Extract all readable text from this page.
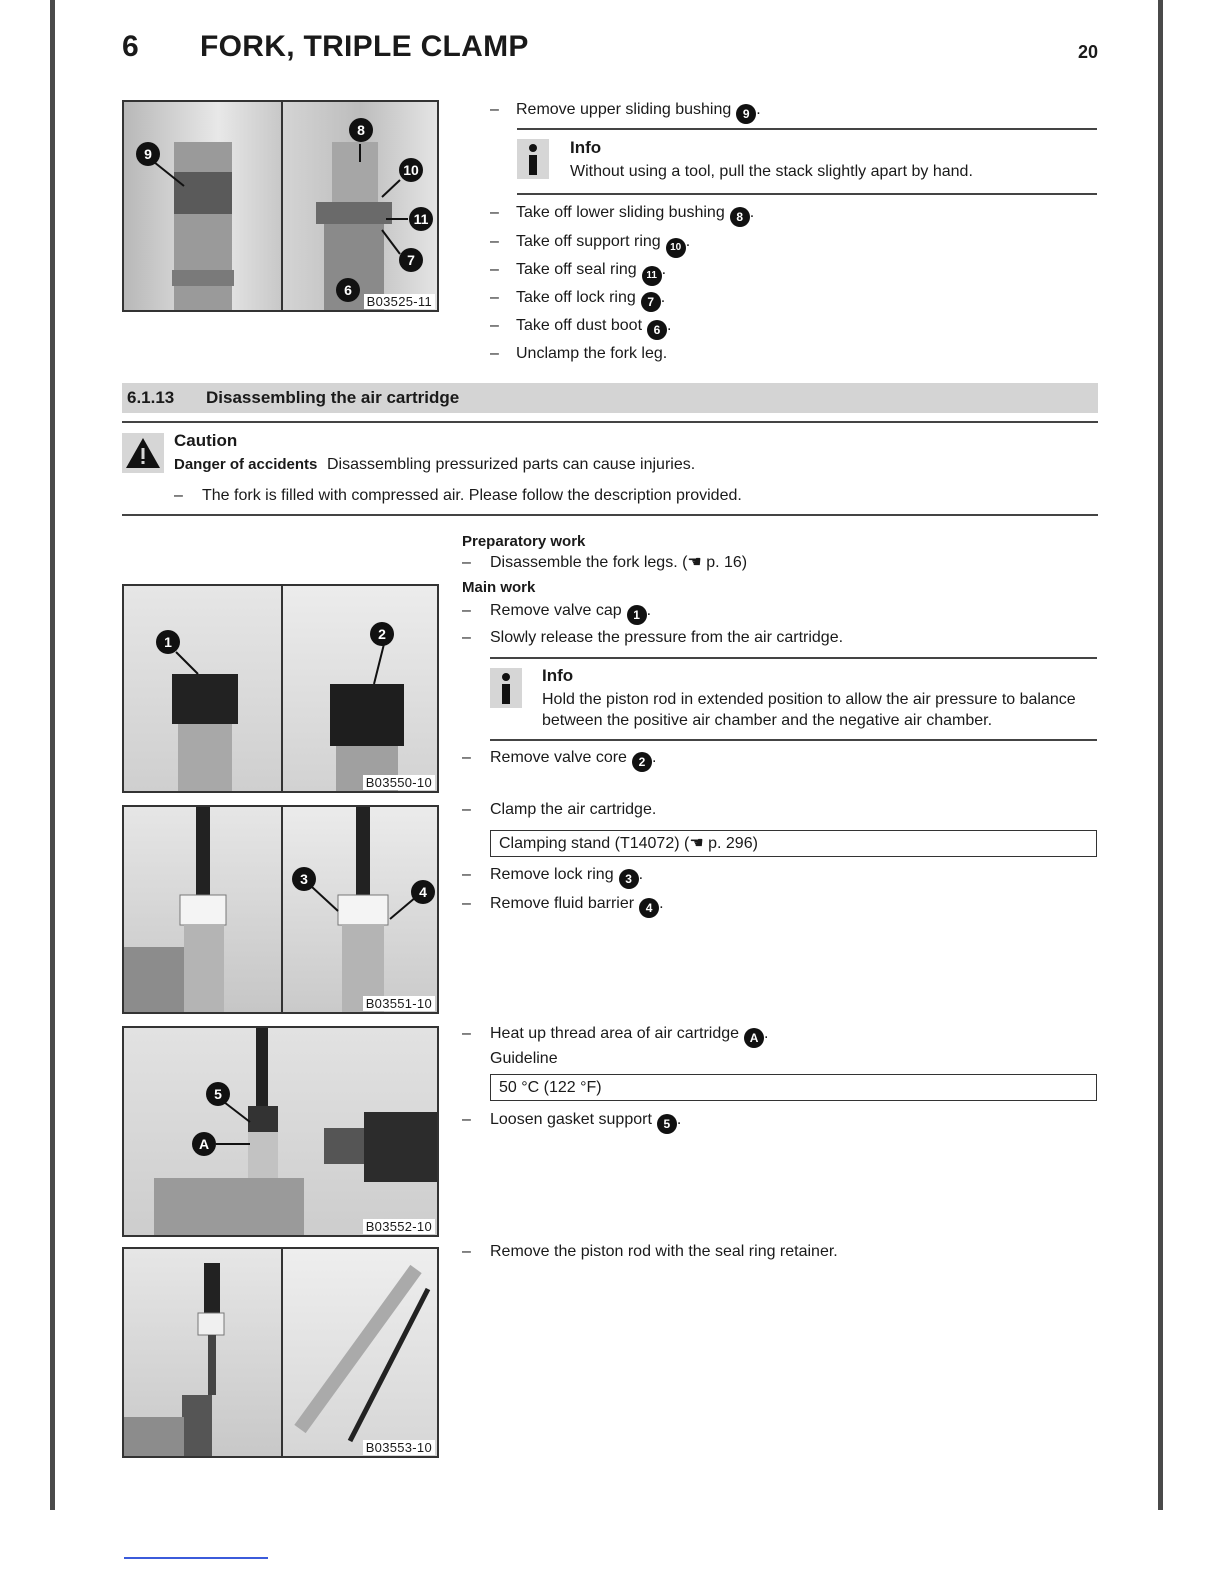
6 FORK, TRIPLE CLAMP	20
9
8
10
11
7
6
B03525-11
– Remove upper sliding bushing 9 .
Info
Without using a tool, pull the stack slightly apart by hand.
– Take off lower sliding bushing 8 .
– Take off support ring 10 .
– Take off seal ring 11 .
– Take off lock ring 7 .
– Take off dust boot 6 .
– Unclamp the fork leg.
6.1.13 Disassembling the air cartridge
Caution
Danger of accidents Disassembling pressurized parts can cause injuries.
– The fork is filled with compressed air. Please follow the description provided.
Preparatory work
– Disassemble the fork legs. (☚ p. 16)
Main work
– Remove valve cap 1 .
– Slowly release the pressure from the air cartridge.
Info
Hold the piston rod in extended position to allow the air pressure to balance
between the positive air chamber and the negative air chamber.
– Remove valve core 2 .
– Clamp the air cartridge.
Clamping stand (T14072) (☚ p. 296)
– Remove lock ring 3 .
– Remove fluid barrier 4 .
– Heat up thread area of air cartridge A .
Guideline
50 °C (122 °F)
– Loosen gasket support 5 .
– Remove the piston rod with the seal ring retainer.
1	2
B03550-10
3
4
B03551-10
5
A
B03552-10
B03553-10
